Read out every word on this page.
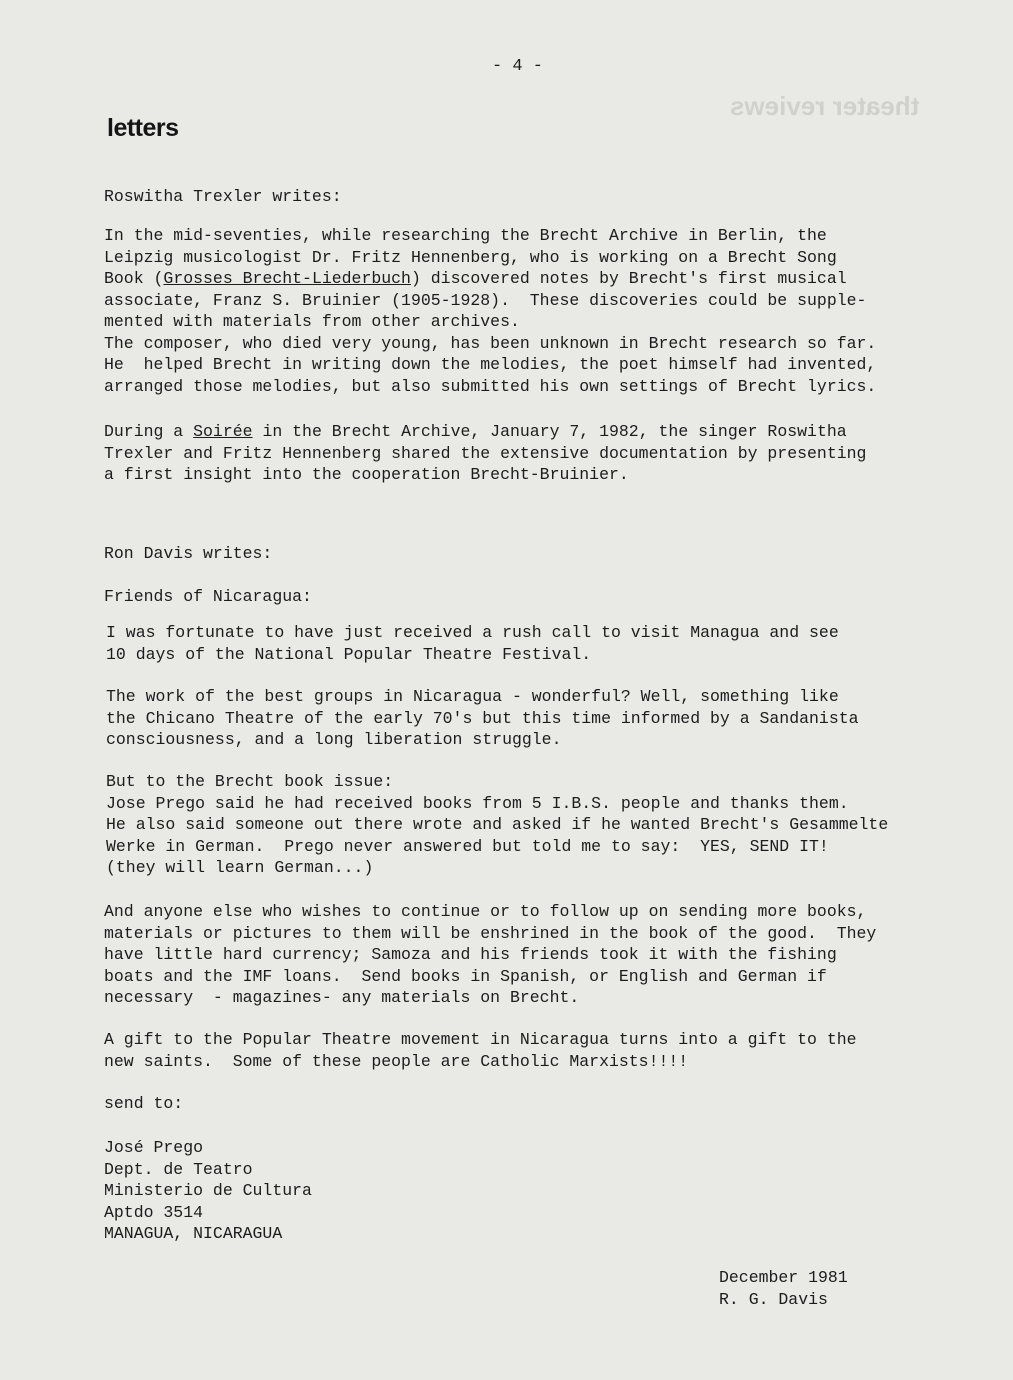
theater reviews
- 4 -
letters
Roswitha Trexler writes:
In the mid-seventies, while researching the Brecht Archive in Berlin, the
Leipzig musicologist Dr. Fritz Hennenberg, who is working on a Brecht Song
Book (Grosses Brecht-Liederbuch) discovered notes by Brecht's first musical
associate, Franz S. Bruinier (1905-1928).  These discoveries could be supple-
mented with materials from other archives.
The composer, who died very young, has been unknown in Brecht research so far.
He  helped Brecht in writing down the melodies, the poet himself had invented,
arranged those melodies, but also submitted his own settings of Brecht lyrics.
During a Soirée in the Brecht Archive, January 7, 1982, the singer Roswitha
Trexler and Fritz Hennenberg shared the extensive documentation by presenting
a first insight into the cooperation Brecht-Bruinier.
Ron Davis writes:
Friends of Nicaragua:
I was fortunate to have just received a rush call to visit Managua and see
10 days of the National Popular Theatre Festival.
The work of the best groups in Nicaragua - wonderful? Well, something like
the Chicano Theatre of the early 70's but this time informed by a Sandanista
consciousness, and a long liberation struggle.
But to the Brecht book issue:
Jose Prego said he had received books from 5 I.B.S. people and thanks them.
He also said someone out there wrote and asked if he wanted Brecht's Gesammelte
Werke in German.  Prego never answered but told me to say:  YES, SEND IT!
(they will learn German...)
And anyone else who wishes to continue or to follow up on sending more books,
materials or pictures to them will be enshrined in the book of the good.  They
have little hard currency; Samoza and his friends took it with the fishing
boats and the IMF loans.  Send books in Spanish, or English and German if
necessary  - magazines- any materials on Brecht.
A gift to the Popular Theatre movement in Nicaragua turns into a gift to the
new saints.  Some of these people are Catholic Marxists!!!!
send to:
José Prego
Dept. de Teatro
Ministerio de Cultura
Aptdo 3514
MANAGUA, NICARAGUA
December 1981
R. G. Davis
